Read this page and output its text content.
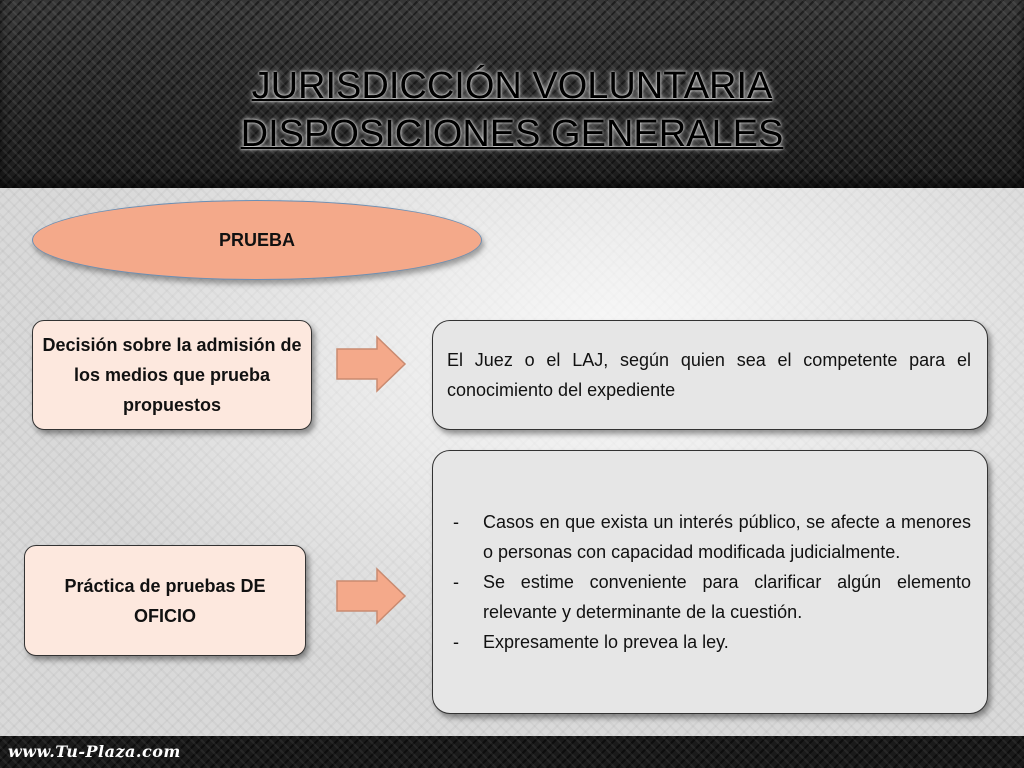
JURISDICCIÓN VOLUNTARIA
DISPOSICIONES GENERALES
PRUEBA
Decisión sobre la admisión de los medios que prueba propuestos
El Juez o el LAJ, según quien sea el competente para el conocimiento del expediente
Práctica de pruebas DE OFICIO
- Casos en que exista un interés público, se afecte a menores o personas con capacidad modificada judicialmente.
- Se estime conveniente para clarificar algún elemento relevante y determinante de la cuestión.
- Expresamente lo prevea la ley.
www.Tu-Plaza.com
